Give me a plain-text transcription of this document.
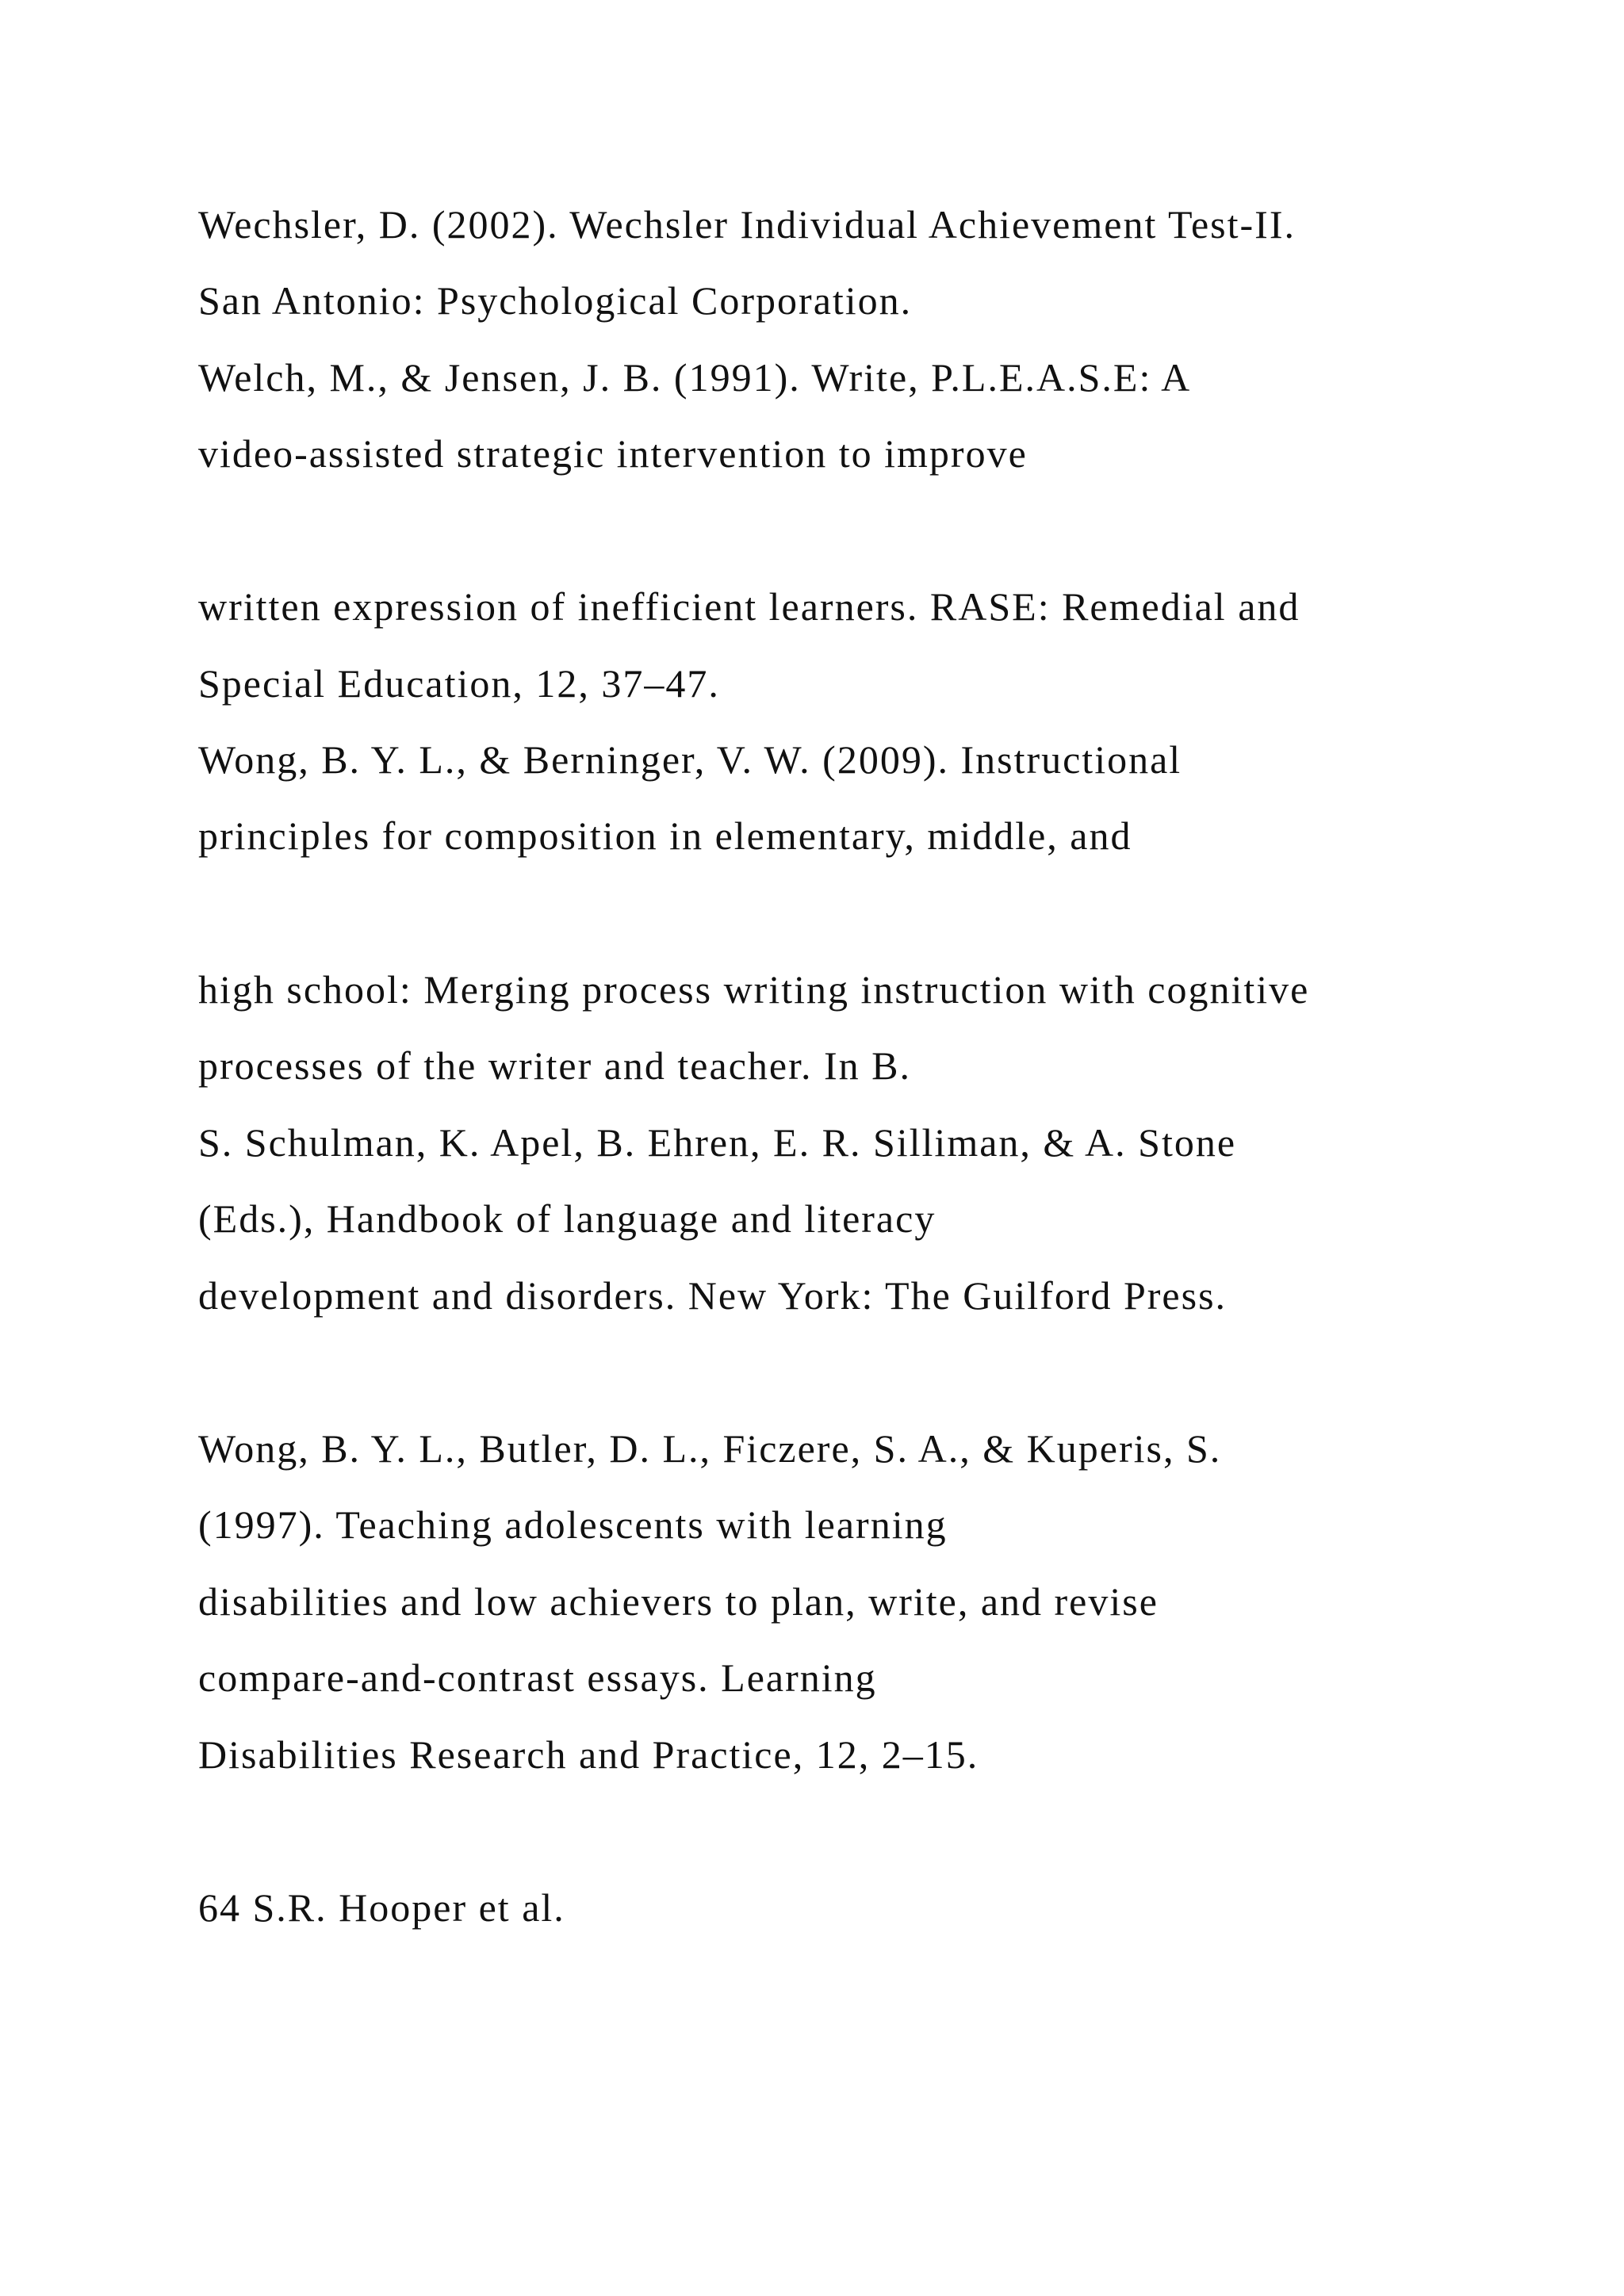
Wechsler, D. (2002). Wechsler Individual Achievement Test-II.

San Antonio: Psychological Corporation.

Welch, M., & Jensen, J. B. (1991). Write, P.L.E.A.S.E: A

video-assisted strategic intervention to improve

written expression of inefficient learners. RASE: Remedial and

Special Education, 12, 37–47.

Wong, B. Y. L., & Berninger, V. W. (2009). Instructional

principles for composition in elementary, middle, and

high school: Merging process writing instruction with cognitive

processes of the writer and teacher. In B.

S. Schulman, K. Apel, B. Ehren, E. R. Silliman, & A. Stone

(Eds.), Handbook of language and literacy

development and disorders. New York: The Guilford Press.

Wong, B. Y. L., Butler, D. L., Ficzere, S. A., & Kuperis, S.

(1997). Teaching adolescents with learning

disabilities and low achievers to plan, write, and revise

compare-and-contrast essays. Learning

Disabilities Research and Practice, 12, 2–15.

64 S.R. Hooper et al.
